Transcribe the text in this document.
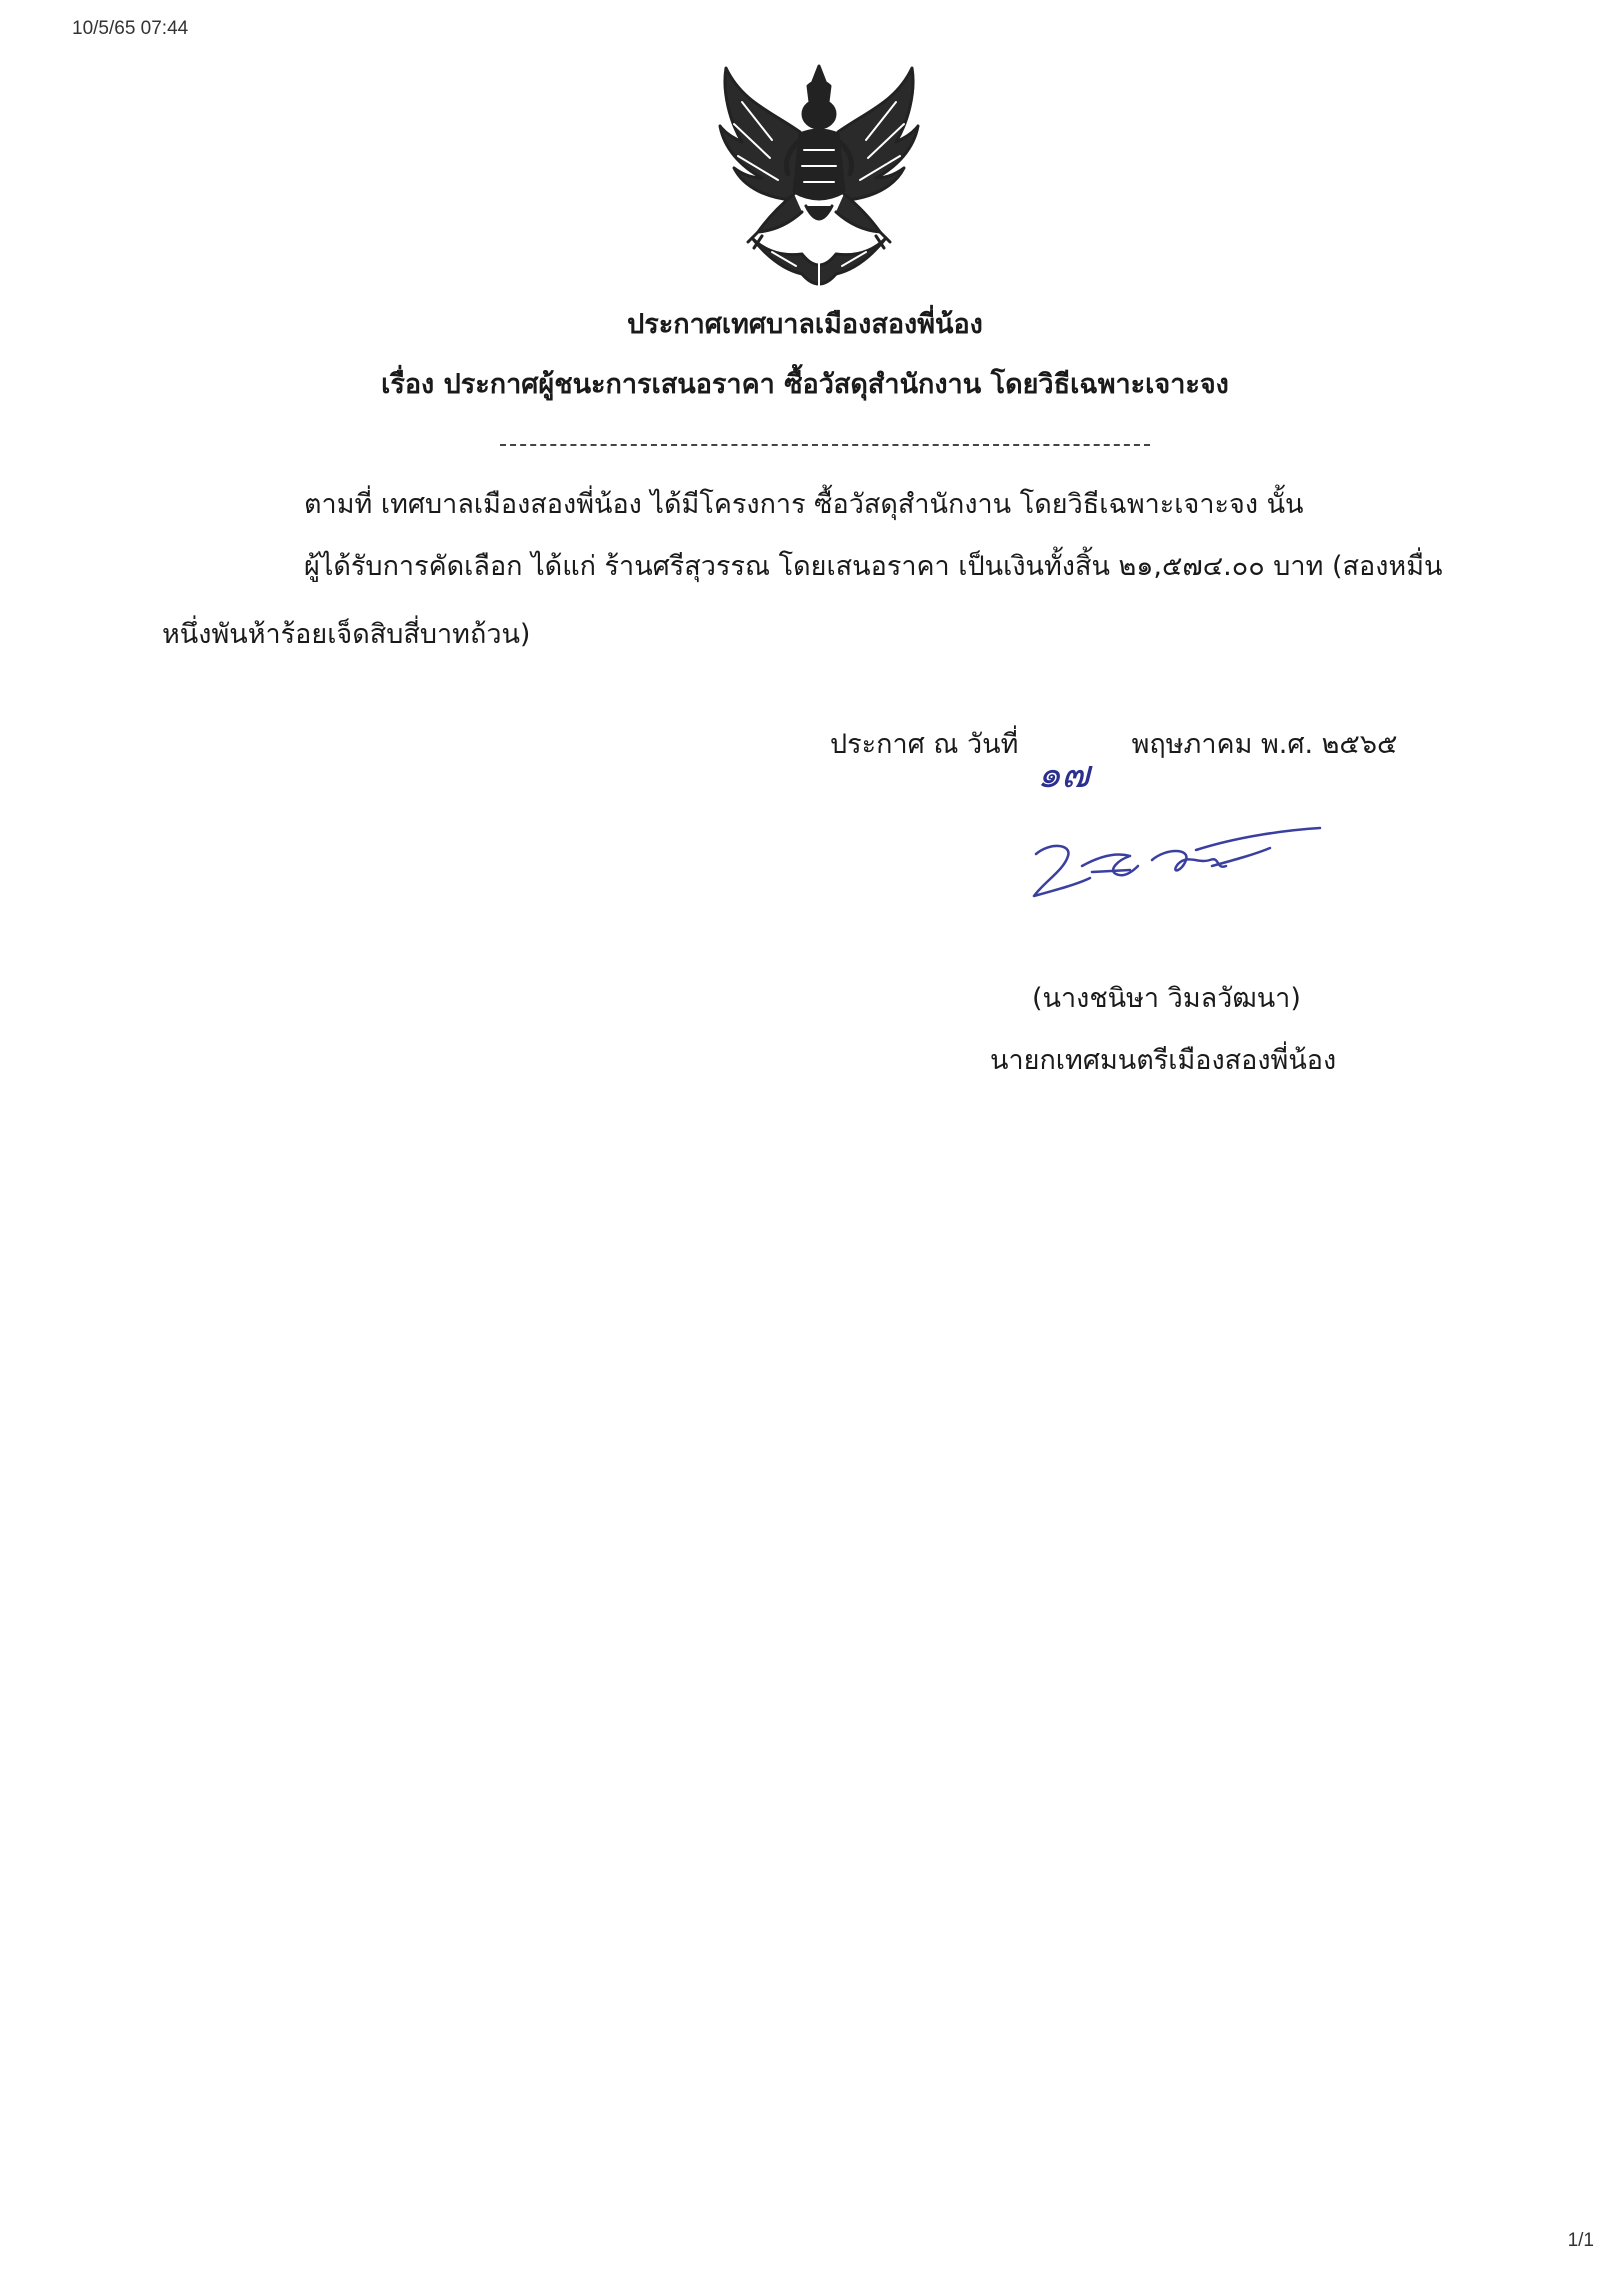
10/5/65 07:44
ประกาศเทศบาลเมืองสองพี่น้อง
เรื่อง ประกาศผู้ชนะการเสนอราคา ซื้อวัสดุสำนักงาน โดยวิธีเฉพาะเจาะจง
ตามที่ เทศบาลเมืองสองพี่น้อง ได้มีโครงการ ซื้อวัสดุสำนักงาน โดยวิธีเฉพาะเจาะจง นั้น
ผู้ได้รับการคัดเลือก ได้แก่ ร้านศรีสุวรรณ โดยเสนอราคา เป็นเงินทั้งสิ้น ๒๑,๕๗๔.๐๐ บาท (สองหมื่น
หนึ่งพันห้าร้อยเจ็ดสิบสี่บาทถ้วน)
ประกาศ ณ วันที่
๑๗
พฤษภาคม พ.ศ. ๒๕๖๕
(นางชนิษา วิมลวัฒนา)
นายกเทศมนตรีเมืองสองพี่น้อง
1/1
